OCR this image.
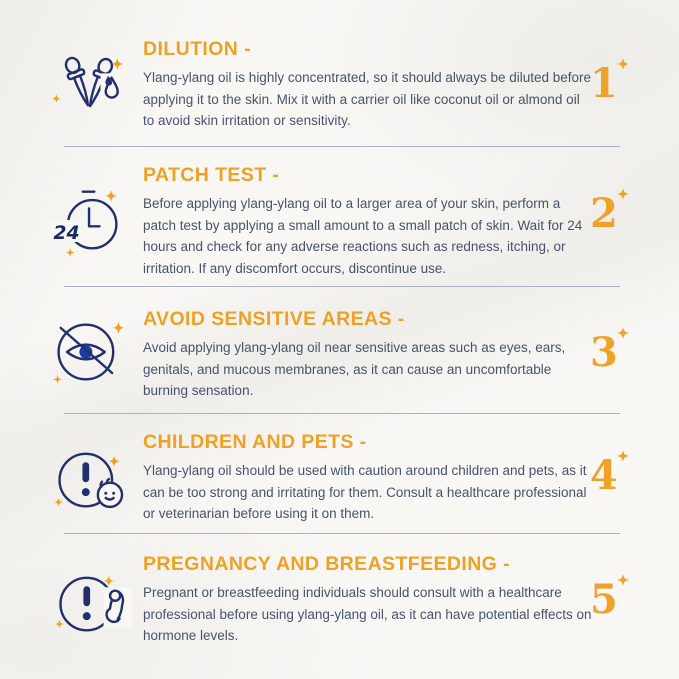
DILUTION -

Ylang-ylang oil is highly concentrated, so it should always be diluted before applying it to the skin. Mix it with a carrier oil like coconut oil or almond oil to avoid skin irritation or sensitivity.

1
24
PATCH TEST -

Before applying ylang-ylang oil to a larger area of your skin, perform a patch test by applying a small amount to a small patch of skin. Wait for 24 hours and check for any adverse reactions such as redness, itching, or irritation. If any discomfort occurs, discontinue use.

2
AVOID SENSITIVE AREAS -

Avoid applying ylang-ylang oil near sensitive areas such as eyes, ears, genitals, and mucous membranes, as it can cause an uncomfortable burning sensation.

3
CHILDREN AND PETS -

Ylang-ylang oil should be used with caution around children and pets, as it can be too strong and irritating for them. Consult a healthcare professional or veterinarian before using it on them.

4
PREGNANCY AND BREASTFEEDING -

Pregnant or breastfeeding individuals should consult with a healthcare professional before using ylang-ylang oil, as it can have potential effects on hormone levels.

5
